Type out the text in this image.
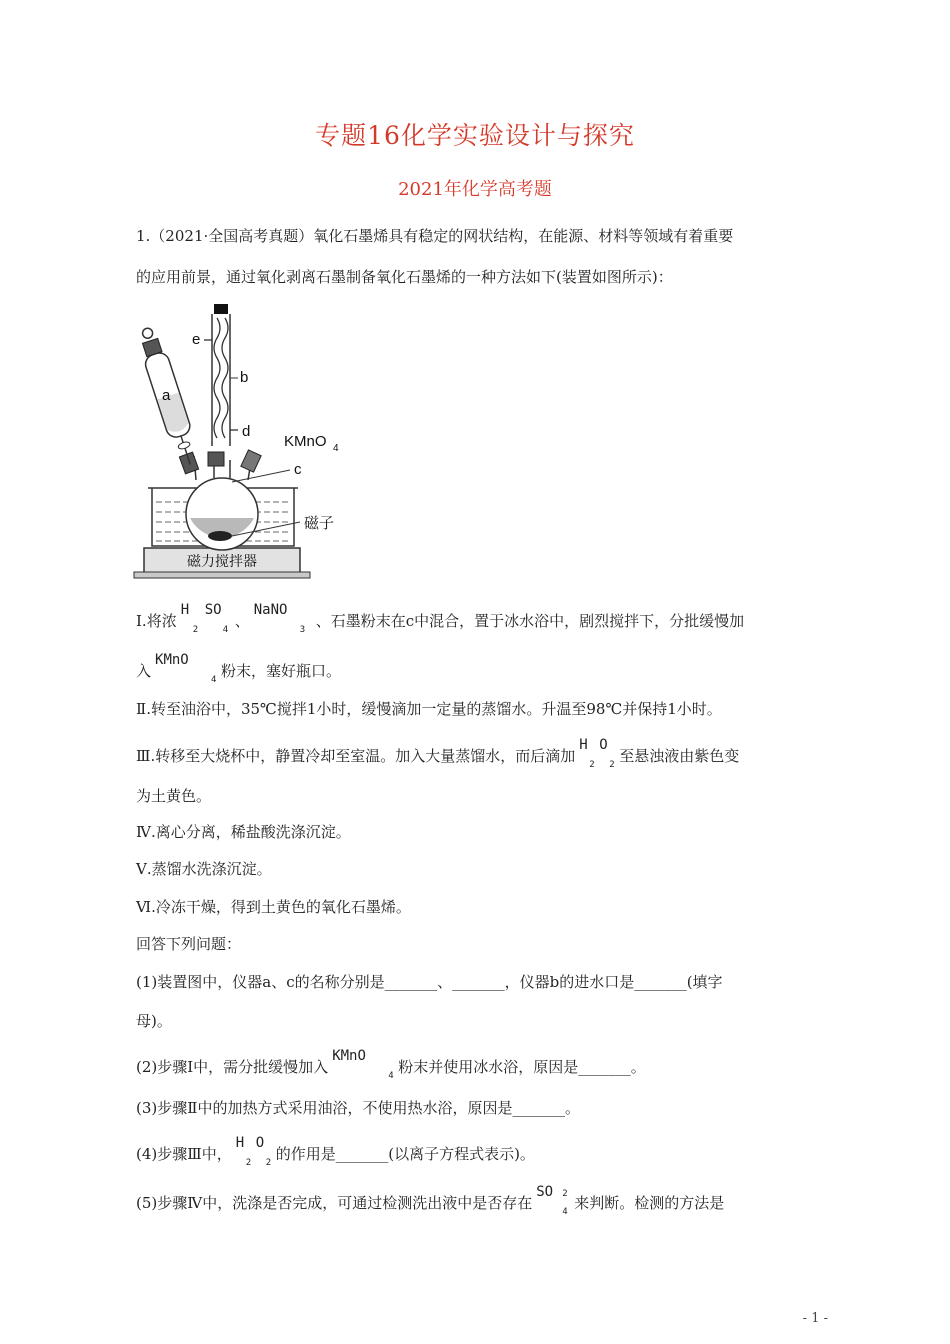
专题16化学实验设计与探究
2021年化学高考题
1.（2021·全国高考真题）氧化石墨烯具有稳定的网状结构，在能源、材料等领域有着重要
的应用前景，通过氧化剥离石墨制备氧化石墨烯的一种方法如下(装置如图所示)：
磁力搅拌器
e
b
d
a
KMnO 4
c
磁子
Ⅰ.将浓
H SO
2	4 、
NaNO
3 、石墨粉末在c中混合，置于冰水浴中，剧烈搅拌下，分批缓慢加
入
KMnO
4 粉末，塞好瓶口。
Ⅱ.转至油浴中，35℃搅拌1小时，缓慢滴加一定量的蒸馏水。升温至98℃并保持1小时。
Ⅲ.转移至大烧杯中，静置冷却至室温。加入大量蒸馏水，而后滴加
H O
2 2 至悬浊液由紫色变
为土黄色。
Ⅳ.离心分离，稀盐酸洗涤沉淀。
Ⅴ.蒸馏水洗涤沉淀。
Ⅵ.冷冻干燥，得到土黄色的氧化石墨烯。
回答下列问题：
(1)装置图中，仪器a、c的名称分别是_______、_______，仪器b的进水口是_______(填字
母)。
(2)步骤Ⅰ中，需分批缓慢加入
KMnO
4 粉末并使用冰水浴，原因是_______。
(3)步骤Ⅱ中的加热方式采用油浴，不使用热水浴，原因是_______。
(4)步骤Ⅲ中，
H O
2 2 的作用是_______(以离子方程式表示)。
(5)步骤Ⅳ中，洗涤是否完成，可通过检测洗出液中是否存在
SO 2
4 来判断。检测的方法是
- 1 -
